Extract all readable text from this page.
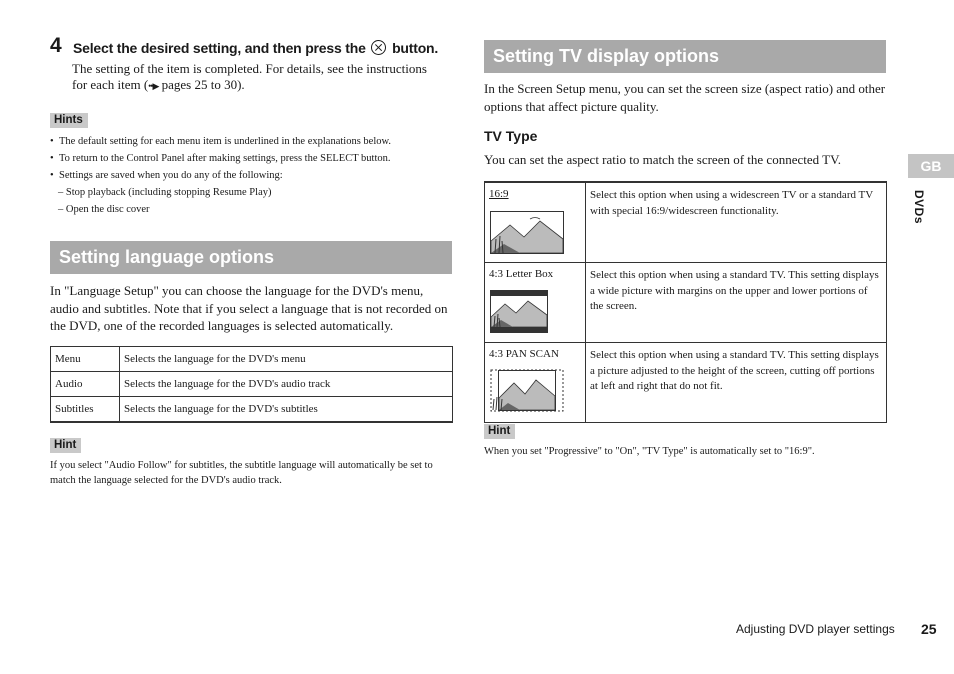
4 Select the desired setting, and then press the button.
The setting of the item is completed. For details, see the instructions
for each item (••▶ pages 25 to 30).
Hints
• The default setting for each menu item is underlined in the explanations below.
• To return to the Control Panel after making settings, press the SELECT button.
• Settings are saved when you do any of the following:
– Stop playback (including stopping Resume Play)
– Open the disc cover
Setting language options
In "Language Setup" you can choose the language for the DVD's menu, audio and subtitles. Note that if you select a language that is not recorded on the DVD, one of the recorded languages is selected automatically.
Menu	Selects the language for the DVD's menu
Audio	Selects the language for the DVD's audio track
Subtitles	Selects the language for the DVD's subtitles
Hint
If you select "Audio Follow" for subtitles, the subtitle language will automatically be set to match the language selected for the DVD's audio track.
Setting TV display options
In the Screen Setup menu, you can set the screen size (aspect ratio) and other options that affect picture quality.
TV Type
You can set the aspect ratio to match the screen of the connected TV.
16:9	Select this option when using a widescreen TV or a standard TV with special 16:9/widescreen functionality.
4:3 Letter Box	Select this option when using a standard TV. This setting displays a wide picture with margins on the upper and lower portions of the screen.
4:3 PAN SCAN	Select this option when using a standard TV. This setting displays a picture adjusted to the height of the screen, cutting off portions at left and right that do not fit.
Hint
When you set "Progressive" to "On", "TV Type" is automatically set to "16:9".
GB
DVDs
Adjusting DVD player settings 25
